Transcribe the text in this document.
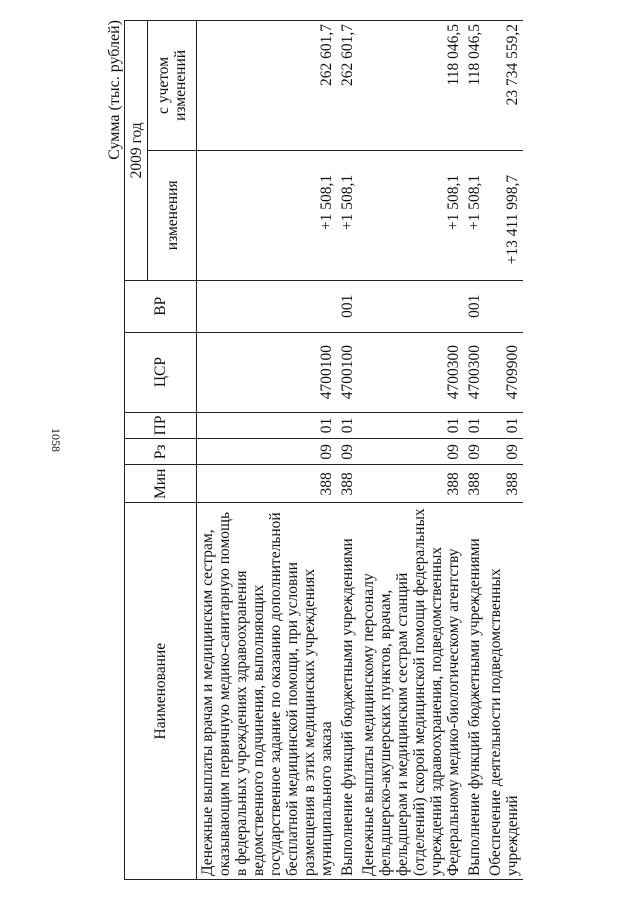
1058
Сумма (тыс. рублей)
Наименование	Мин	Рз	ПР	ЦСР	ВР	2009 год	
						изменения	с учетом изменений
Денежные выплаты врачам и медицинским сестрам, оказывающим первичную медико-санитарную помощь в федеральных учреждениях здравоохранения ведомственного подчинения, выполняющих государственное задание по оказанию дополнительной бесплатной медицинской помощи, при условии размещения в этих медицинских учреждениях муниципального заказа	388	09	01	4700100		+1 508,1	262 601,7
Выполнение функций бюджетными учреждениями	388	09	01	4700100	001	+1 508,1	262 601,7
Денежные выплаты медицинскому персоналу фельдшерско-акушерских пунктов, врачам, фельдшерам и медицинским сестрам станций (отделений) скорой медицинской помощи федеральных учреждений здравоохранения, подведомственных Федеральному медико-биологическому агентству	388	09	01	4700300		+1 508,1	118 046,5
Выполнение функций бюджетными учреждениями	388	09	01	4700300	001	+1 508,1	118 046,5
Обеспечение деятельности подведомственных учреждений	388	09	01	4709900		+13 411 998,7	23 734 559,2
